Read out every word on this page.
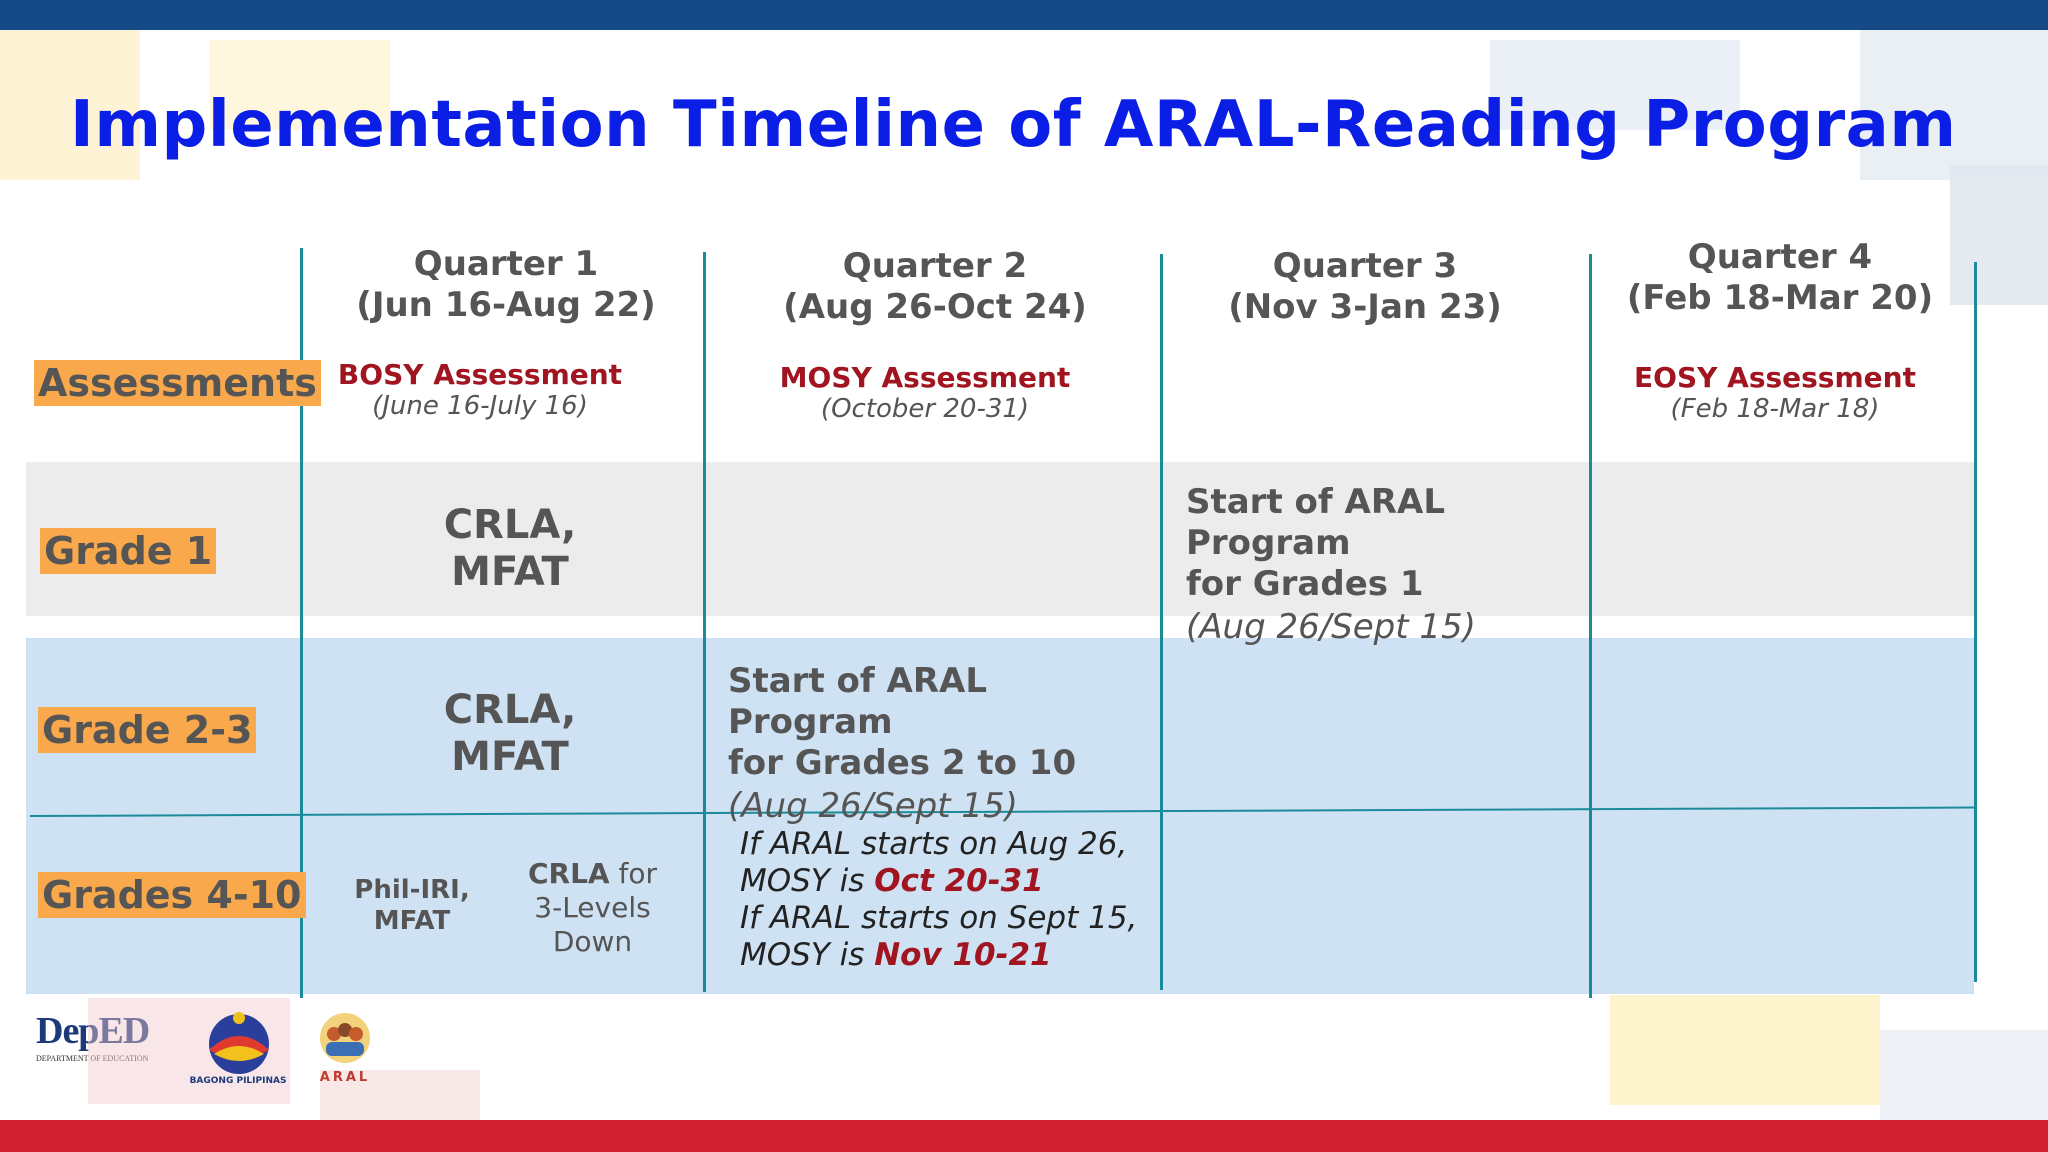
Implementation Timeline of ARAL-Reading Program
Quarter 1
(Jun 16-Aug 22)
Quarter 2
(Aug 26-Oct 24)
Quarter 3
(Nov 3-Jan 23)
Quarter 4
(Feb 18-Mar 20)
Assessments
Grade 1
Grade 2-3
Grades 4-10
BOSY Assessment
(June 16-July 16)
MOSY Assessment
(October 20-31)
EOSY Assessment
(Feb 18-Mar 18)
CRLA,
MFAT
Start of ARAL Program
for Grades 1
(Aug 26/Sept 15)
CRLA,
MFAT
Start of ARAL Program
for Grades 2 to 10
(Aug 26/Sept 15)
Phil-IRI,
MFAT
CRLA for
3-Levels
Down
If ARAL starts on Aug 26,
MOSY is Oct 20-31
If ARAL starts on Sept 15,
MOSY is Nov 10-21
DepED
DEPARTMENT OF EDUCATION
BAGONG PILIPINAS	ARAL
